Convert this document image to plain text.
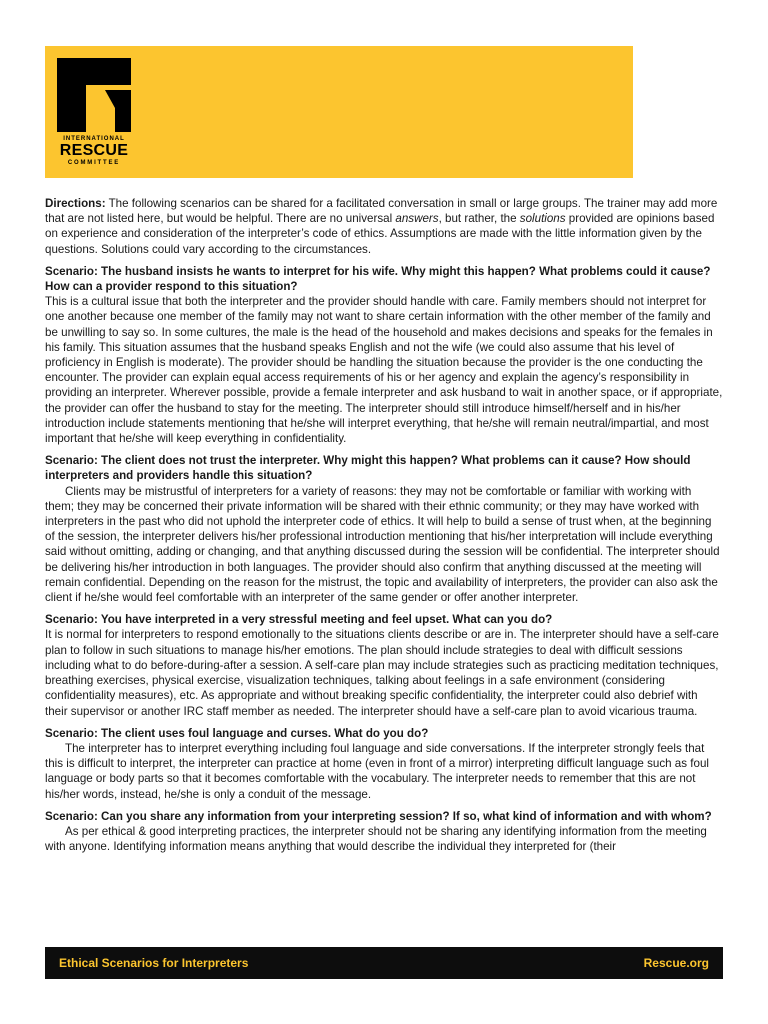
INTERNATIONAL
RESCUE
COMMITTEE

Directions: The following scenarios can be shared for a facilitated conversation in small or large groups. The trainer may add more that are not listed here, but would be helpful. There are no universal answers, but rather, the solutions provided are opinions based on experience and consideration of the interpreter’s code of ethics. Assumptions are made with the little information given by the questions. Solutions could vary according to the circumstances.

Scenario: The husband insists he wants to interpret for his wife. Why might this happen? What problems could it cause? How can a provider respond to this situation?

This is a cultural issue that both the interpreter and the provider should handle with care. Family members should not interpret for one another because one member of the family may not want to share certain information with the other member of the family and be unwilling to say so. In some cultures, the male is the head of the household and makes decisions and speaks for the females in his family. This situation assumes that the husband speaks English and not the wife (we could also assume that his level of proficiency in English is moderate). The provider should be handling the situation because the provider is the one conducting the encounter. The provider can explain equal access requirements of his or her agency and explain the agency’s responsibility in providing an interpreter. Wherever possible, provide a female interpreter and ask husband to wait in another space, or if appropriate, the provider can offer the husband to stay for the meeting. The interpreter should still introduce himself/herself and in his/her introduction include statements mentioning that he/she will interpret everything, that he/she will remain neutral/impartial, and most important that he/she will keep everything in confidentiality.

Scenario: The client does not trust the interpreter. Why might this happen? What problems can it cause? How should interpreters and providers handle this situation?

Clients may be mistrustful of interpreters for a variety of reasons: they may not be comfortable or familiar with working with them; they may be concerned their private information will be shared with their ethnic community; or they may have worked with interpreters in the past who did not uphold the interpreter code of ethics. It will help to build a sense of trust when, at the beginning of the session, the interpreter delivers his/her professional introduction mentioning that his/her interpretation will include everything said without omitting, adding or changing, and that anything discussed during the session will be confidential. The interpreter should be delivering his/her introduction in both languages. The provider should also confirm that anything discussed at the meeting will remain confidential. Depending on the reason for the mistrust, the topic and availability of interpreters, the provider can also ask the client if he/she would feel comfortable with an interpreter of the same gender or offer another interpreter.

Scenario: You have interpreted in a very stressful meeting and feel upset. What can you do?

It is normal for interpreters to respond emotionally to the situations clients describe or are in. The interpreter should have a self-care plan to follow in such situations to manage his/her emotions. The plan should include strategies to deal with difficult sessions including what to do before-during-after a session. A self-care plan may include strategies such as practicing meditation techniques, breathing exercises, physical exercise, visualization techniques, talking about feelings in a safe environment (considering confidentiality measures), etc. As appropriate and without breaking specific confidentiality, the interpreter could also debrief with their supervisor or another IRC staff member as needed. The interpreter should have a self-care plan to avoid vicarious trauma.

Scenario: The client uses foul language and curses. What do you do?

The interpreter has to interpret everything including foul language and side conversations. If the interpreter strongly feels that this is difficult to interpret, the interpreter can practice at home (even in front of a mirror) interpreting difficult language such as foul language or body parts so that it becomes comfortable with the vocabulary. The interpreter needs to remember that this are not his/her words, instead, he/she is only a conduit of the message.

Scenario: Can you share any information from your interpreting session? If so, what kind of information and with whom?

As per ethical & good interpreting practices, the interpreter should not be sharing any identifying information from the meeting with anyone. Identifying information means anything that would describe the individual they interpreted for (their

Ethical Scenarios for Interpreters	Rescue.org
